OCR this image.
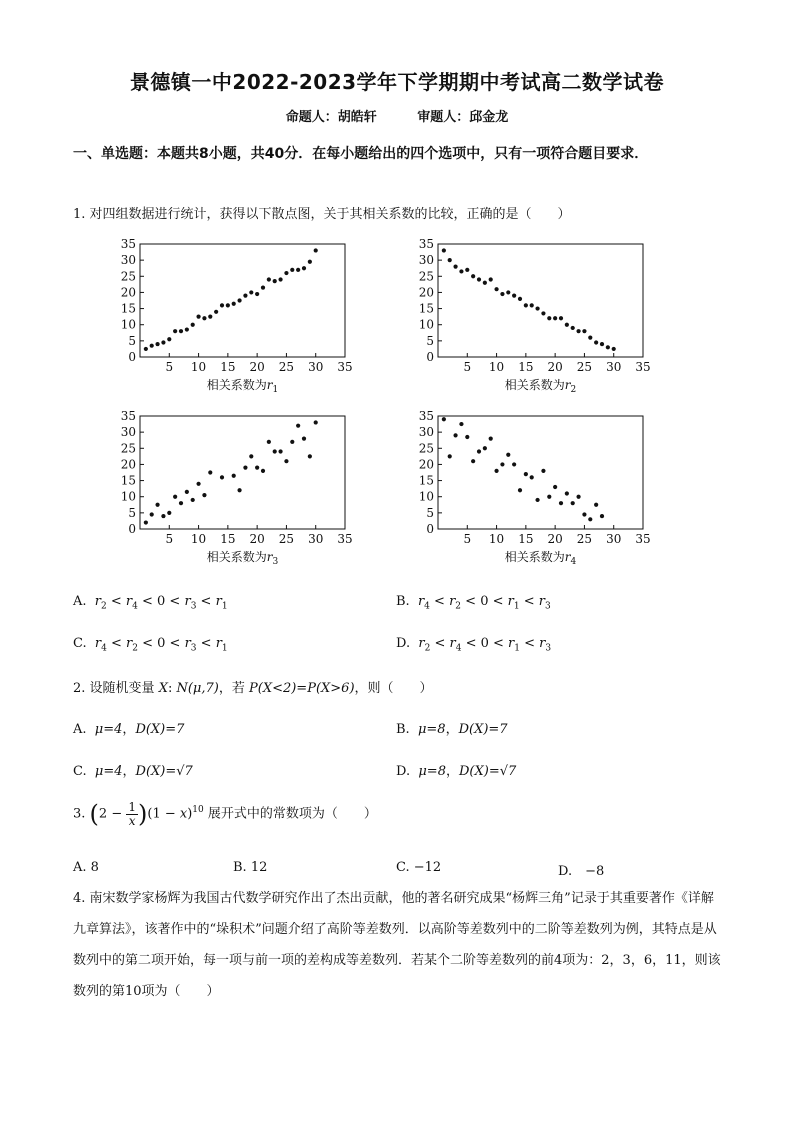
景德镇一中2022-2023学年下学期期中考试高二数学试卷
命题人：胡皓轩	审题人：邱金龙
一、单选题：本题共8小题，共40分．在每小题给出的四个选项中，只有一项符合题目要求．
1. 对四组数据进行统计，获得以下散点图，关于其相关系数的比较，正确的是（　　）
0
5
10
15
20
25
30
35
5 10 15 20 25 30 35
相关系数为$r_1$
0
5
10
15
20
25
30
35
5 10 15 20 25 30 35
相关系数为$r_2$
0
5
10
15
20
25
30
35
5 10 15 20 25 30 35
相关系数为$r_3$
0
5
10
15
20
25
30
35
5 10 15 20 25 30 35
相关系数为$r_4$
A. $r_2 < r_4 < 0 < r_3 < r_1$	B. $r_4 < r_2 < 0 < r_1 < r_3$
C. $r_4 < r_2 < 0 < r_3 < r_1$	D. $r_2 < r_4 < 0 < r_1 < r_3$
2. 设随机变量 X: N(μ,7)，若 P(X<2)=P(X>6)，则（　　）
A. μ=4，D(X)=7	B. μ=8，D(X)=7
C. μ=4，D(X)=√7	D. μ=8，D(X)=√7
3. $(2 - \frac{1}{x} )(1 - x)^{10}$ 展开式中的常数项为（　　）
A. 8	B. 12	C. −12	D.　−8
4. 南宋数学家杨辉为我国古代数学研究作出了杰出贡献，他的著名研究成果“杨辉三角”记录于其重要著作《详解九章算法》，该著作中的“垛积术”问题介绍了高阶等差数列．以高阶等差数列中的二阶等差数列为例，其特点是从数列中的第二项开始，每一项与前一项的差构成等差数列．若某个二阶等差数列的前4项为：2，3，6，11，则该数列的第10项为（　　）
